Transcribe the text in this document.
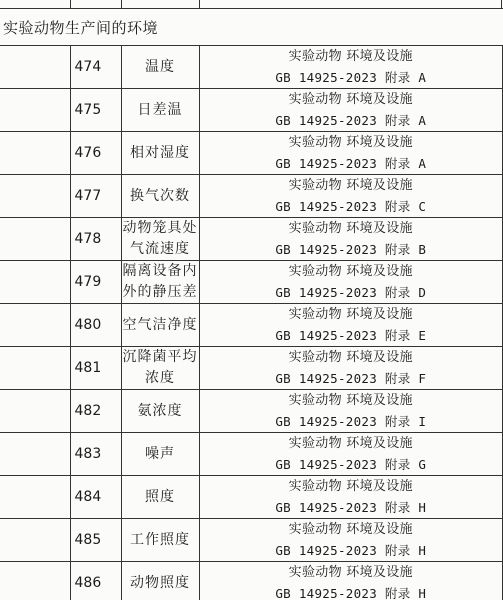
实验动物生产间的环境
	474	温度	实验动物 环境及设施
GB 14925-2023 附录 A

	475	日差温	实验动物 环境及设施
GB 14925-2023 附录 A

	476	相对湿度	实验动物 环境及设施
GB 14925-2023 附录 A

	477	换气次数	实验动物 环境及设施
GB 14925-2023 附录 C

	478	动物笼具处
气流速度	实验动物 环境及设施
GB 14925-2023 附录 B

	479	隔离设备内
外的静压差	实验动物 环境及设施
GB 14925-2023 附录 D

	480	空气洁净度	实验动物 环境及设施
GB 14925-2023 附录 E

	481	沉降菌平均
浓度	实验动物 环境及设施
GB 14925-2023 附录 F

	482	氨浓度	实验动物 环境及设施
GB 14925-2023 附录 I

	483	噪声	实验动物 环境及设施
GB 14925-2023 附录 G

	484	照度	实验动物 环境及设施
GB 14925-2023 附录 H

	485	工作照度	实验动物 环境及设施
GB 14925-2023 附录 H

	486	动物照度	实验动物 环境及设施
GB 14925-2023 附录 H
